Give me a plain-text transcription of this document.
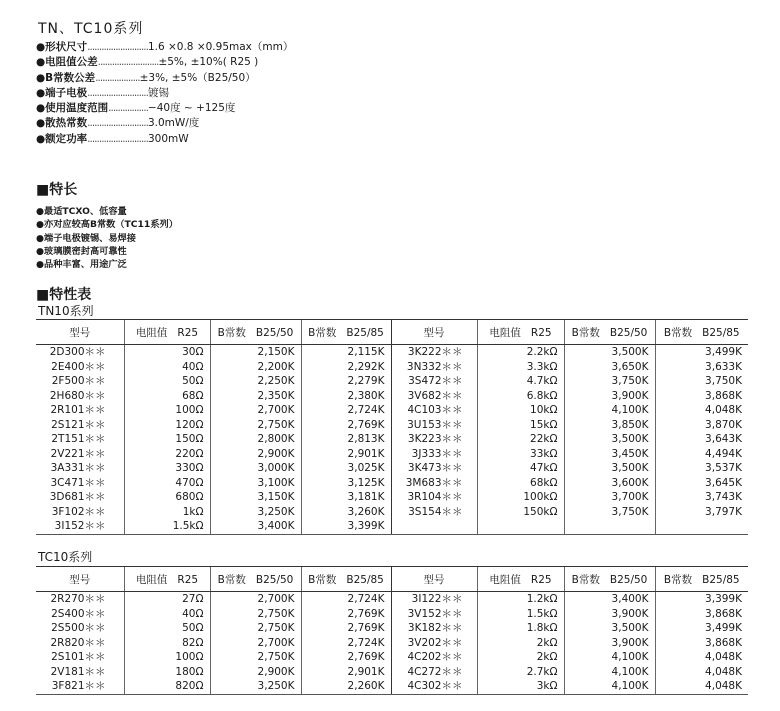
TN、TC10系列
●形状尺寸..........................1.6 ×0.8 ×0.95max（mm）
●电阻值公差..........................±5%, ±10%( R25 )
●B常数公差...................±3%, ±5%（B25/50）
●端子电极..........................镀锡
●使用温度范围.................−40度 ~ +125度
●散热常数..........................3.0mW/度
●额定功率..........................300mW
■特长
●最适TCXO、低容量
●亦对应较高B常数（TC11系列）
●端子电极镀锡、易焊接
●玻璃膜密封高可靠性
●品种丰富、用途广泛
■特性表
TN10系列
型号	电阻值 R25	B常数 B25/50	B常数 B25/85	型号	电阻值 R25	B常数 B25/50	B常数 B25/85
2D300＊＊	30Ω	2,150K	2,115K	3K222＊＊	2.2kΩ	3,500K	3,499K
2E400＊＊	40Ω	2,200K	2,292K	3N332＊＊	3.3kΩ	3,650K	3,633K
2F500＊＊	50Ω	2,250K	2,279K	3S472＊＊	4.7kΩ	3,750K	3,750K
2H680＊＊	68Ω	2,350K	2,380K	3V682＊＊	6.8kΩ	3,900K	3,868K
2R101＊＊	100Ω	2,700K	2,724K	4C103＊＊	10kΩ	4,100K	4,048K
2S121＊＊	120Ω	2,750K	2,769K	3U153＊＊	15kΩ	3,850K	3,870K
2T151＊＊	150Ω	2,800K	2,813K	3K223＊＊	22kΩ	3,500K	3,643K
2V221＊＊	220Ω	2,900K	2,901K	3J333＊＊	33kΩ	3,450K	4,494K
3A331＊＊	330Ω	3,000K	3,025K	3K473＊＊	47kΩ	3,500K	3,537K
3C471＊＊	470Ω	3,100K	3,125K	3M683＊＊	68kΩ	3,600K	3,645K
3D681＊＊	680Ω	3,150K	3,181K	3R104＊＊	100kΩ	3,700K	3,743K
3F102＊＊	1kΩ	3,250K	3,260K	3S154＊＊	150kΩ	3,750K	3,797K
3I152＊＊	1.5kΩ	3,400K	3,399K				
TC10系列
型号	电阻值 R25	B常数 B25/50	B常数 B25/85	型号	电阻值 R25	B常数 B25/50	B常数 B25/85
2R270＊＊	27Ω	2,700K	2,724K	3I122＊＊	1.2kΩ	3,400K	3,399K
2S400＊＊	40Ω	2,750K	2,769K	3V152＊＊	1.5kΩ	3,900K	3,868K
2S500＊＊	50Ω	2,750K	2,769K	3K182＊＊	1.8kΩ	3,500K	3,499K
2R820＊＊	82Ω	2,700K	2,724K	3V202＊＊	2kΩ	3,900K	3,868K
2S101＊＊	100Ω	2,750K	2,769K	4C202＊＊	2kΩ	4,100K	4,048K
2V181＊＊	180Ω	2,900K	2,901K	4C272＊＊	2.7kΩ	4,100K	4,048K
3F821＊＊	820Ω	3,250K	2,260K	4C302＊＊	3kΩ	4,100K	4,048K
